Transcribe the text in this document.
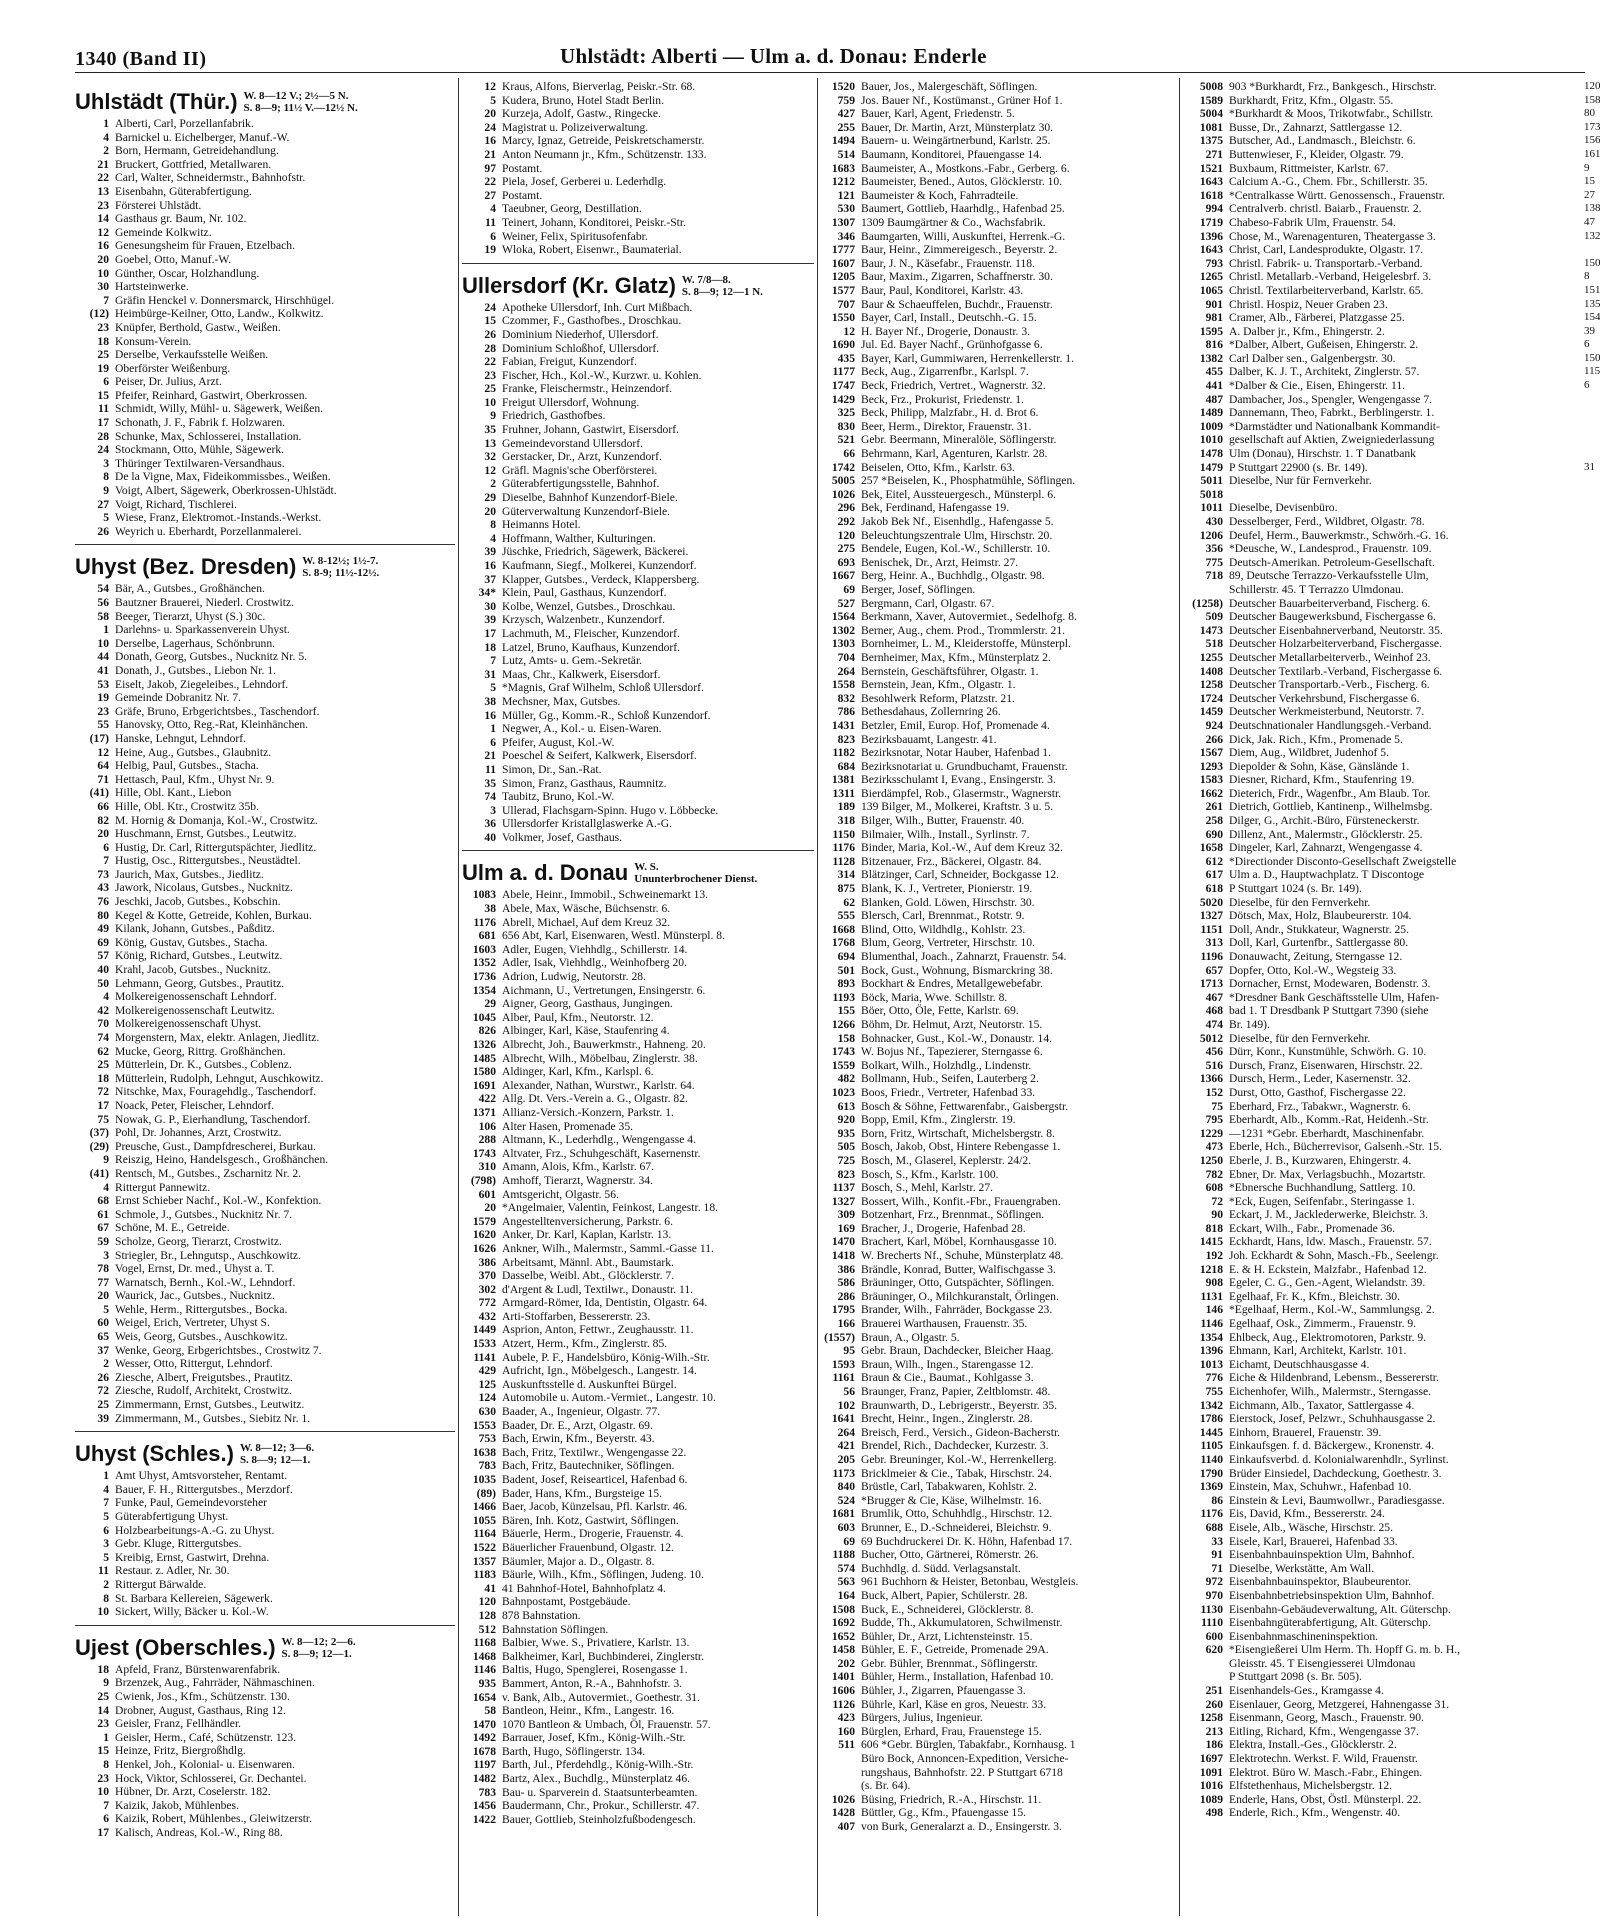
1340 (Band II)	Uhlstädt: Alberti — Ulm a. d. Donau: Enderle
Uhlstädt (Thür.) W. 8—12 V.; 2½—5 N.
S. 8—9; 11½ V.—12½ N.
1 Alberti, Carl, Porzellanfabrik.
4 Barnickel u. Eichelberger, Manuf.-W.
2 Born, Hermann, Getreidehandlung.
21 Bruckert, Gottfried, Metallwaren.
22 Carl, Walter, Schneidermstr., Bahnhofstr.
13 Eisenbahn, Güterabfertigung.
23 Försterei Uhlstädt.
14 Gasthaus gr. Baum, Nr. 102.
12 Gemeinde Kolkwitz.
16 Genesungsheim für Frauen, Etzelbach.
20 Goebel, Otto, Manuf.-W.
10 Günther, Oscar, Holzhandlung.
30 Hartsteinwerke.
7 Gräfin Henckel v. Donnersmarck, Hirschhügel.
(12) Heimbürge-Keilner, Otto, Landw., Kolkwitz.
23 Knüpfer, Berthold, Gastw., Weißen.
18 Konsum-Verein.
25 Derselbe, Verkaufsstelle Weißen.
19 Oberförster Weißenburg.
6 Peiser, Dr. Julius, Arzt.
15 Pfeifer, Reinhard, Gastwirt, Oberkrossen.
11 Schmidt, Willy, Mühl- u. Sägewerk, Weißen.
17 Schonath, J. F., Fabrik f. Holzwaren.
28 Schunke, Max, Schlosserei, Installation.
24 Stockmann, Otto, Mühle, Sägewerk.
3 Thüringer Textilwaren-Versandhaus.
8 De la Vigne, Max, Fideikommissbes., Weißen.
9 Voigt, Albert, Sägewerk, Oberkrossen-Uhlstädt.
27 Voigt, Richard, Tischlerei.
5 Wiese, Franz, Elektromot.-Instands.-Werkst.
26 Weyrich u. Eberhardt, Porzellanmalerei.
Uhyst (Bez. Dresden) W. 8-12½; 1½-7.
S. 8-9; 11½-12½.
54 Bär, A., Gutsbes., Großhänchen.
56 Bautzner Brauerei, Niederl. Crostwitz.
58 Beeger, Tierarzt, Uhyst (S.) 30c.
1 Darlehns- u. Sparkassenverein Uhyst.
10 Derselbe, Lagerhaus, Schönbrunn.
44 Donath, Georg, Gutsbes., Nucknitz Nr. 5.
41 Donath, J., Gutsbes., Liebon Nr. 1.
53 Eiselt, Jakob, Ziegeleibes., Lehndorf.
19 Gemeinde Dobranitz Nr. 7.
23 Gräfe, Bruno, Erbgerichtsbes., Taschendorf.
55 Hanovsky, Otto, Reg.-Rat, Kleinhänchen.
(17) Hanske, Lehngut, Lehndorf.
12 Heine, Aug., Gutsbes., Glaubnitz.
64 Helbig, Paul, Gutsbes., Stacha.
71 Hettasch, Paul, Kfm., Uhyst Nr. 9.
(41) Hille, Obl. Kant., Liebon
66 Hille, Obl. Ktr., Crostwitz 35b.
82 M. Hornig & Domanja, Kol.-W., Crostwitz.
20 Huschmann, Ernst, Gutsbes., Leutwitz.
6 Hustig, Dr. Carl, Rittergutspächter, Jiedlitz.
7 Hustig, Osc., Rittergutsbes., Neustädtel.
73 Jaurich, Max, Gutsbes., Jiedlitz.
43 Jawork, Nicolaus, Gutsbes., Nucknitz.
76 Jeschki, Jacob, Gutsbes., Kobschin.
80 Kegel & Kotte, Getreide, Kohlen, Burkau.
49 Kilank, Johann, Gutsbes., Paßditz.
69 König, Gustav, Gutsbes., Stacha.
57 König, Richard, Gutsbes., Leutwitz.
40 Krahl, Jacob, Gutsbes., Nucknitz.
50 Lehmann, Georg, Gutsbes., Prautitz.
4 Molkereigenossenschaft Lehndorf.
42 Molkereigenossenschaft Leutwitz.
70 Molkereigenossenschaft Uhyst.
74 Morgenstern, Max, elektr. Anlagen, Jiedlitz.
62 Mucke, Georg, Rittrg. Großhänchen.
25 Mütterlein, Dr. K., Gutsbes., Coblenz.
18 Mütterlein, Rudolph, Lehngut, Auschkowitz.
72 Nitschke, Max, Fouragehdlg., Taschendorf.
17 Noack, Peter, Fleischer, Lehndorf.
75 Nowak, G. P., Eierhandlung, Taschendorf.
(37) Pohl, Dr. Johannes, Arzt, Crostwitz.
(29) Preusche, Gust., Dampfdrescherei, Burkau.
9 Reiszig, Heino, Handelsgesch., Großhänchen.
(41) Rentsch, M., Gutsbes., Zscharnitz Nr. 2.
4 Rittergut Pannewitz.
68 Ernst Schieber Nachf., Kol.-W., Konfektion.
61 Schmole, J., Gutsbes., Nucknitz Nr. 7.
67 Schöne, M. E., Getreide.
59 Scholze, Georg, Tierarzt, Crostwitz.
3 Striegler, Br., Lehngutsp., Auschkowitz.
78 Vogel, Ernst, Dr. med., Uhyst a. T.
77 Warnatsch, Bernh., Kol.-W., Lehndorf.
20 Waurick, Jac., Gutsbes., Nucknitz.
5 Wehle, Herm., Rittergutsbes., Bocka.
60 Weigel, Erich, Vertreter, Uhyst S.
65 Weis, Georg, Gutsbes., Auschkowitz.
37 Wenke, Georg, Erbgerichtsbes., Crostwitz 7.
2 Wesser, Otto, Rittergut, Lehndorf.
26 Ziesche, Albert, Freigutsbes., Prautitz.
72 Ziesche, Rudolf, Architekt, Crostwitz.
25 Zimmermann, Ernst, Gutsbes., Leutwitz.
39 Zimmermann, M., Gutsbes., Siebitz Nr. 1.
Uhyst (Schles.) W. 8—12; 3—6.
S. 8—9; 12—1.
1 Amt Uhyst, Amtsvorsteher, Rentamt.
4 Bauer, F. H., Rittergutsbes., Merzdorf.
7 Funke, Paul, Gemeindevorsteher
5 Güterabfertigung Uhyst.
6 Holzbearbeitungs-A.-G. zu Uhyst.
3 Gebr. Kluge, Rittergutsbes.
5 Kreibig, Ernst, Gastwirt, Drehna.
11 Restaur. z. Adler, Nr. 30.
2 Rittergut Bärwalde.
8 St. Barbara Kellereien, Sägewerk.
10 Sickert, Willy, Bäcker u. Kol.-W.
Ujest (Oberschles.) W. 8—12; 2—6.
S. 8—9; 12—1.
18 Apfeld, Franz, Bürstenwarenfabrik.
9 Brzenzek, Aug., Fahrräder, Nähmaschinen.
25 Cwienk, Jos., Kfm., Schützenstr. 130.
14 Drobner, August, Gasthaus, Ring 12.
23 Geisler, Franz, Fellhändler.
1 Geisler, Herm., Café, Schützenstr. 123.
15 Heinze, Fritz, Biergroßhdlg.
8 Henkel, Joh., Kolonial- u. Eisenwaren.
23 Hock, Viktor, Schlosserei, Gr. Dechantei.
10 Hübner, Dr. Arzt, Coselerstr. 182.
7 Kaizik, Jakob, Mühlenbes.
6 Kaizik, Robert, Mühlenbes., Gleiwitzerstr.
17 Kalisch, Andreas, Kol.-W., Ring 88.
12 Kraus, Alfons, Bierverlag, Peiskr.-Str. 68.
5 Kudera, Bruno, Hotel Stadt Berlin.
20 Kurzeja, Adolf, Gastw., Ringecke.
24 Magistrat u. Polizeiverwaltung.
16 Marcy, Ignaz, Getreide, Peiskretschamerstr.
21 Anton Neumann jr., Kfm., Schützenstr. 133.
97 Postamt.
22 Piela, Josef, Gerberei u. Lederhdlg.
27 Postamt.
4 Taeubner, Georg, Destillation.
11 Teinert, Johann, Konditorei, Peiskr.-Str.
6 Weiner, Felix, Spiritusofenfabr.
19 Wloka, Robert, Eisenwr., Baumaterial.
Ullersdorf (Kr. Glatz) W. 7/8—8.
S. 8—9; 12—1 N.
24 Apotheke Ullersdorf, Inh. Curt Mißbach.
15 Czommer, F., Gasthofbes., Droschkau.
26 Dominium Niederhof, Ullersdorf.
28 Dominium Schloßhof, Ullersdorf.
22 Fabian, Freigut, Kunzendorf.
23 Fischer, Hch., Kol.-W., Kurzwr. u. Kohlen.
25 Franke, Fleischermstr., Heinzendorf.
10 Freigut Ullersdorf, Wohnung.
9 Friedrich, Gasthofbes.
35 Fruhner, Johann, Gastwirt, Eisersdorf.
13 Gemeindevorstand Ullersdorf.
32 Gerstacker, Dr., Arzt, Kunzendorf.
12 Gräfl. Magnis'sche Oberförsterei.
2 Güterabfertigungsstelle, Bahnhof.
29 Dieselbe, Bahnhof Kunzendorf-Biele.
20 Güterverwaltung Kunzendorf-Biele.
8 Heimanns Hotel.
4 Hoffmann, Walther, Kulturingen.
39 Jüschke, Friedrich, Sägewerk, Bäckerei.
16 Kaufmann, Siegf., Molkerei, Kunzendorf.
37 Klapper, Gutsbes., Verdeck, Klappersberg.
34* Klein, Paul, Gasthaus, Kunzendorf.
30 Kolbe, Wenzel, Gutsbes., Droschkau.
39 Krzysch, Walzenbetr., Kunzendorf.
17 Lachmuth, M., Fleischer, Kunzendorf.
18 Latzel, Bruno, Kaufhaus, Kunzendorf.
7 Lutz, Amts- u. Gem.-Sekretär.
31 Maas, Chr., Kalkwerk, Eisersdorf.
5 *Magnis, Graf Wilhelm, Schloß Ullersdorf.
38 Mechsner, Max, Gutsbes.
16 Müller, Gg., Komm.-R., Schloß Kunzendorf.
1 Negwer, A., Kol.- u. Eisen-Waren.
6 Pfeifer, August, Kol.-W.
21 Poeschel & Seifert, Kalkwerk, Eisersdorf.
11 Simon, Dr., San.-Rat.
35 Simon, Franz, Gasthaus, Raumnitz.
74 Taubitz, Bruno, Kol.-W.
3 Ullerad, Flachsgarn-Spinn. Hugo v. Löbbecke.
36 Ullersdorfer Kristallglaswerke A.-G.
40 Volkmer, Josef, Gasthaus.
Ulm a. d. Donau W. S.
Ununterbrochener Dienst.
1083 Abele, Heinr., Immobil., Schweinemarkt 13.
38 Abele, Max, Wäsche, Büchsenstr. 6.
1176 Abrell, Michael, Auf dem Kreuz 32.
681 656 Abt, Karl, Eisenwaren, Westl. Münsterpl. 8.
1603 Adler, Eugen, Viehhdlg., Schillerstr. 14.
1352 Adler, Isak, Viehhdlg., Weinhofberg 20.
1736 Adrion, Ludwig, Neutorstr. 28.
1354 Aichmann, U., Vertretungen, Ensingerstr. 6.
29 Aigner, Georg, Gasthaus, Jungingen.
1045 Alber, Paul, Kfm., Neutorstr. 12.
826 Albinger, Karl, Käse, Staufenring 4.
1326 Albrecht, Joh., Bauwerkmstr., Hahneng. 20.
1485 Albrecht, Wilh., Möbelbau, Zinglerstr. 38.
1580 Aldinger, Karl, Kfm., Karlspl. 6.
1691 Alexander, Nathan, Wurstwr., Karlstr. 64.
422 Allg. Dt. Vers.-Verein a. G., Olgastr. 82.
1371 Allianz-Versich.-Konzern, Parkstr. 1.
106 Alter Hasen, Promenade 35.
288 Altmann, K., Lederhdlg., Wengengasse 4.
1743 Altvater, Frz., Schuhgeschäft, Kasernenstr.
310 Amann, Alois, Kfm., Karlstr. 67.
(798) Amhoff, Tierarzt, Wagnerstr. 34.
601 Amtsgericht, Olgastr. 56.
20 *Angelmaier, Valentin, Feinkost, Langestr. 18.
1579 Angestelltenversicherung, Parkstr. 6.
1620 Anker, Dr. Karl, Kaplan, Karlstr. 13.
1626 Ankner, Wilh., Malermstr., Samml.-Gasse 11.
386 Arbeitsamt, Männl. Abt., Baumstark.
370 Dasselbe, Weibl. Abt., Glöcklerstr. 7.
302 d'Argent & Ludl, Textilwr., Donaustr. 11.
772 Armgard-Römer, Ida, Dentistin, Olgastr. 64.
432 Arti-Stoffarben, Bessererstr. 23.
1449 Asprion, Anton, Fettwr., Zeughausstr. 11.
1533 Atzert, Herm., Kfm., Zinglerstr. 85.
1141 Aubele, P. F., Handelsbüro, König-Wilh.-Str.
429 Aufricht, Ign., Möbelgesch., Langestr. 14.
125 Auskunftsstelle d. Auskunftei Bürgel.
124 Automobile u. Autom.-Vermiet., Langestr. 10.
630 Baader, A., Ingenieur, Olgastr. 77.
1553 Baader, Dr. E., Arzt, Olgastr. 69.
753 Bach, Erwin, Kfm., Beyerstr. 43.
1638 Bach, Fritz, Textilwr., Wengengasse 22.
783 Bach, Fritz, Bautechniker, Söflingen.
1035 Badent, Josef, Reisearticel, Hafenbad 6.
(89) Bader, Hans, Kfm., Burgsteige 15.
1466 Baer, Jacob, Künzelsau, Pfl. Karlstr. 46.
1055 Bären, Inh. Kotz, Gastwirt, Söflingen.
1164 Bäuerle, Herm., Drogerie, Frauenstr. 4.
1522 Bäuerlicher Frauenbund, Olgastr. 12.
1357 Bäumler, Major a. D., Olgastr. 8.
1183 Bäurle, Wilh., Kfm., Söflingen, Judeng. 10.
41 41 Bahnhof-Hotel, Bahnhofplatz 4.
120 Bahnpostamt, Postgebäude.
128 878 Bahnstation.
512 Bahnstation Söflingen.
1168 Balbier, Wwe. S., Privatiere, Karlstr. 13.
1468 Balkheimer, Karl, Buchbinderei, Zinglerstr.
1146 Baltis, Hugo, Spenglerei, Rosengasse 1.
935 Bammert, Anton, R.-A., Bahnhofstr. 3.
1654 v. Bank, Alb., Autovermiet., Goethestr. 31.
58 Bantleon, Heinr., Kfm., Langestr. 16.
1470 1070 Bantleon & Umbach, Öl, Frauenstr. 57.
1492 Barrauer, Josef, Kfm., König-Wilh.-Str.
1678 Barth, Hugo, Söflingerstr. 134.
1197 Barth, Jul., Pferdehdlg., König-Wilh.-Str.
1482 Bartz, Alex., Buchdlg., Münsterplatz 46.
783 Bau- u. Sparverein d. Staatsunterbeamten.
1456 Baudermann, Chr., Prokur., Schillerstr. 47.
1422 Bauer, Gottlieb, Steinholzfußbodengesch.
1520 Bauer, Jos., Malergeschäft, Söflingen.
759 Jos. Bauer Nf., Kostümanst., Grüner Hof 1.
427 Bauer, Karl, Agent, Friedenstr. 5.
255 Bauer, Dr. Martin, Arzt, Münsterplatz 30.
1494 Bauern- u. Weingärtnerbund, Karlstr. 25.
514 Baumann, Konditorei, Pfauengasse 14.
1683 Baumeister, A., Mostkons.-Fabr., Gerberg. 6.
1212 Baumeister, Bened., Autos, Glöcklerstr. 10.
121 Baumeister & Koch, Fahrradteile.
530 Baumert, Gottlieb, Haarhdlg., Hafenbad 25.
1307 1309 Baumgärtner & Co., Wachsfabrik.
346 Baumgarten, Willi, Auskunftei, Herrenk.-G.
1777 Baur, Heinr., Zimmereigesch., Beyerstr. 2.
1607 Baur, J. N., Käsefabr., Frauenstr. 118.
1205 Baur, Maxim., Zigarren, Schaffnerstr. 30.
1577 Baur, Paul, Konditorei, Karlstr. 43.
707 Baur & Schaeuffelen, Buchdr., Frauenstr.
1550 Bayer, Carl, Install., Deutschh.-G. 15.
12 H. Bayer Nf., Drogerie, Donaustr. 3.
1690 Jul. Ed. Bayer Nachf., Grünhofgasse 6.
435 Bayer, Karl, Gummiwaren, Herrenkellerstr. 1.
1177 Beck, Aug., Zigarrenfbr., Karlspl. 7.
1747 Beck, Friedrich, Vertret., Wagnerstr. 32.
1429 Beck, Frz., Prokurist, Friedenstr. 1.
325 Beck, Philipp, Malzfabr., H. d. Brot 6.
830 Beer, Herm., Direktor, Frauenstr. 31.
521 Gebr. Beermann, Mineralöle, Söflingerstr.
66 Behrmann, Karl, Agenturen, Karlstr. 28.
1742 Beiselen, Otto, Kfm., Karlstr. 63.
5005 257 *Beiselen, K., Phosphatmühle, Söflingen.
1026 Bek, Eitel, Aussteuergesch., Münsterpl. 6.
296 Bek, Ferdinand, Hafengasse 19.
292 Jakob Bek Nf., Eisenhdlg., Hafengasse 5.
120 Beleuchtungszentrale Ulm, Hirschstr. 20.
275 Bendele, Eugen, Kol.-W., Schillerstr. 10.
693 Benischek, Dr., Arzt, Heimstr. 27.
1667 Berg, Heinr. A., Buchhdlg., Olgastr. 98.
69 Berger, Josef, Söflingen.
527 Bergmann, Carl, Olgastr. 67.
1564 Berkmann, Xaver, Autovermiet., Sedelhofg. 8.
1302 Berner, Aug., chem. Prod., Trommlerstr. 21.
1303 Bornheimer, L. M., Kleiderstoffe, Münsterpl.
704 Bernheimer, Max, Kfm., Münsterplatz 2.
264 Bernstein, Geschäftsführer, Olgastr. 1.
1558 Bernstein, Jean, Kfm., Olgastr. 1.
832 Besohlwerk Reform, Platzstr. 21.
786 Bethesdahaus, Zollernring 26.
1431 Betzler, Emil, Europ. Hof, Promenade 4.
823 Bezirksbauamt, Langestr. 41.
1182 Bezirksnotar, Notar Hauber, Hafenbad 1.
684 Bezirksnotariat u. Grundbuchamt, Frauenstr.
1381 Bezirksschulamt I, Evang., Ensingerstr. 3.
1311 Bierdämpfel, Rob., Glasermstr., Wagnerstr.
189 139 Bilger, M., Molkerei, Kraftstr. 3 u. 5.
318 Bilger, Wilh., Butter, Frauenstr. 40.
1150 Bilmaier, Wilh., Install., Syrlinstr. 7.
1176 Binder, Maria, Kol.-W., Auf dem Kreuz 32.
1128 Bitzenauer, Frz., Bäckerei, Olgastr. 84.
314 Blätzinger, Carl, Schneider, Bockgasse 12.
875 Blank, K. J., Vertreter, Pionierstr. 19.
62 Blanken, Gold. Löwen, Hirschstr. 30.
555 Blersch, Carl, Brennmat., Rotstr. 9.
1668 Blind, Otto, Wildhdlg., Kohlstr. 23.
1768 Blum, Georg, Vertreter, Hirschstr. 10.
694 Blumenthal, Joach., Zahnarzt, Frauenstr. 54.
501 Bock, Gust., Wohnung, Bismarckring 38.
893 Bockhart & Endres, Metallgewebefabr.
1193 Böck, Maria, Wwe. Schillstr. 8.
155 Böer, Otto, Öle, Fette, Karlstr. 69.
1266 Böhm, Dr. Helmut, Arzt, Neutorstr. 15.
158 Bohnacker, Gust., Kol.-W., Donaustr. 14.
1743 W. Bojus Nf., Tapezierer, Sterngasse 6.
1559 Bolkart, Wilh., Holzhdlg., Lindenstr.
482 Bollmann, Hub., Seifen, Lauterberg 2.
1023 Boos, Friedr., Vertreter, Hafenbad 33.
613 Bosch & Söhne, Fettwarenfabr., Gaisbergstr.
920 Bopp, Emil, Kfm., Zinglerstr. 19.
935 Born, Fritz, Wirtschaft, Michelsbergstr. 8.
505 Bosch, Jakob, Obst, Hintere Rebengasse 1.
725 Bosch, M., Glaserel, Keplerstr. 24/2.
823 Bosch, S., Kfm., Karlstr. 100.
1137 Bosch, S., Mehl, Karlstr. 27.
1327 Bossert, Wilh., Konfit.-Fbr., Frauengraben.
309 Botzenhart, Frz., Brennmat., Söflingen.
169 Bracher, J., Drogerie, Hafenbad 28.
1470 Brachert, Karl, Möbel, Kornhausgasse 10.
1418 W. Brecherts Nf., Schuhe, Münsterplatz 48.
386 Brändle, Konrad, Butter, Walfischgasse 3.
586 Bräuninger, Otto, Gutspächter, Söflingen.
286 Bräuninger, O., Milchkuranstalt, Örlingen.
1795 Brander, Wilh., Fahrräder, Bockgasse 23.
166 Brauerei Warthausen, Frauenstr. 35.
(1557) Braun, A., Olgastr. 5.
95 Gebr. Braun, Dachdecker, Bleicher Haag.
1593 Braun, Wilh., Ingen., Starengasse 12.
1161 Braun & Cie., Baumat., Kohlgasse 3.
56 Braunger, Franz, Papier, Zeltblomstr. 48.
102 Braunwarth, D., Lebrigerstr., Beyerstr. 35.
1641 Brecht, Heinr., Ingen., Zinglerstr. 28.
264 Breisch, Ferd., Versich., Gideon-Bacherstr.
421 Brendel, Rich., Dachdecker, Kurzestr. 3.
205 Gebr. Breuninger, Kol.-W., Herrenkellerg.
1173 Bricklmeier & Cie., Tabak, Hirschstr. 24.
840 Brüstle, Carl, Tabakwaren, Kohlstr. 2.
524 *Brugger & Cie, Käse, Wilhelmstr. 16.
1681 Brumlik, Otto, Schuhhdlg., Hirschstr. 12.
603 Brunner, E., D.-Schneiderei, Bleichstr. 9.
69 69 Buchdruckerei Dr. K. Höhn, Hafenbad 17.
1188 Bucher, Otto, Gärtnerei, Römerstr. 26.
574 Buchhdlg. d. Südd. Verlagsanstalt.
563 961 Buchhorn & Heister, Betonbau, Westgleis.
164 Buck, Albert, Papier, Schülerstr. 28.
1508 Buck, E., Schneiderei, Glöcklerstr. 8.
1692 Budde, Th., Akkumulatoren, Schwilmenstr.
1652 Bühler, Dr., Arzt, Lichtensteinstr. 15.
1458 Bühler, E. F., Getreide, Promenade 29A.
202 Gebr. Bühler, Brennmat., Söflingerstr.
1401 Bühler, Herm., Installation, Hafenbad 10.
1606 Bühler, J., Zigarren, Pfauengasse 3.
1126 Bührle, Karl, Käse en gros, Neuestr. 33.
423 Bürgers, Julius, Ingenieur.
160 Bürglen, Erhard, Frau, Frauenstege 15.
511 606 *Gebr. Bürglen, Tabakfabr., Kornhausg. 1
Büro Bock, Annoncen-Expedition, Versiche-
rungshaus, Bahnhofstr. 22. P Stuttgart 6718
(s. Br. 64).
1026 Büsing, Friedrich, R.-A., Hirschstr. 11.
1428 Büttler, Gg., Kfm., Pfauengasse 15.
407 von Burk, Generalarzt a. D., Ensingerstr. 3.
5008 903 *Burkhardt, Frz., Bankgesch., Hirschstr.
1589 Burkhardt, Fritz, Kfm., Olgastr. 55.
5004 *Burkhardt & Moos, Trikotwfabr., Schillstr.
1081 Busse, Dr., Zahnarzt, Sattlergasse 12.
1375 Butscher, Ad., Landmasch., Bleichstr. 6.
271 Buttenwieser, F., Kleider, Olgastr. 79.
1521 Buxbaum, Rittmeister, Karlstr. 67.
1643 Calcium A.-G., Chem. Fbr., Schillerstr. 35.
1618 *Centralkasse Württ. Genossensch., Frauenstr.
994 Centralverb. christl. Baiarb., Frauenstr. 2.
1719 Chabeso-Fabrik Ulm, Frauenstr. 54.
1396 Chose, M., Warenagenturen, Theatergasse 3.
1643 Christ, Carl, Landesprodukte, Olgastr. 17.
793 Christl. Fabrik- u. Transportarb.-Verband.
1265 Christl. Metallarb.-Verband, Heigelesbrf. 3.
1065 Christl. Textilarbeiterverband, Karlstr. 65.
901 Christl. Hospiz, Neuer Graben 23.
981 Cramer, Alb., Färberei, Platzgasse 25.
1595 A. Dalber jr., Kfm., Ehingerstr. 2.
816 *Dalber, Albert, Gußeisen, Ehingerstr. 2.
1382 Carl Dalber sen., Galgenbergstr. 30.
455 Dalber, K. J. T., Architekt, Zinglerstr. 57.
441 *Dalber & Cie., Eisen, Ehingerstr. 11.
487 Dambacher, Jos., Spengler, Wengengasse 7.
1489 Dannemann, Theo, Fabrkt., Berblingerstr. 1.
1009 *Darmstädter und Nationalbank Kommandit-
1010 gesellschaft auf Aktien, Zweigniederlassung
1478 Ulm (Donau), Hirschstr. 1. T Danatbank
1479 P Stuttgart 22900 (s. Br. 149).
5011 Dieselbe, Nur für Fernverkehr.
5018
1011 Dieselbe, Devisenbüro.
430 Desselberger, Ferd., Wildbret, Olgastr. 78.
1206 Deufel, Herm., Bauwerkmstr., Schwörh.-G. 16.
356 *Deusche, W., Landesprod., Frauenstr. 109.
775 Deutsch-Amerikan. Petroleum-Gesellschaft.
718 89, Deutsche Terrazzo-Verkaufsstelle Ulm,
Schillerstr. 45. T Terrazzo Ulmdonau.
(1258) Deutscher Bauarbeiterverband, Fischerg. 6.
509 Deutscher Baugewerksbund, Fischergasse 6.
1473 Deutscher Eisenbahnerverband, Neutorstr. 35.
518 Deutscher Holzarbeiterverband, Fischergasse.
1255 Deutscher Metallarbeiterverb., Weinhof 23.
1408 Deutscher Textilarb.-Verband, Fischergasse 6.
1258 Deutscher Transportarb.-Verb., Fischerg. 6.
1724 Deutscher Verkehrsbund, Fischergasse 6.
1459 Deutscher Werkmeisterbund, Neutorstr. 7.
924 Deutschnationaler Handlungsgeh.-Verband.
266 Dick, Jak. Rich., Kfm., Promenade 5.
1567 Diem, Aug., Wildbret, Judenhof 5.
1293 Diepolder & Sohn, Käse, Gänslände 1.
1583 Diesner, Richard, Kfm., Staufenring 19.
1662 Dieterich, Frdr., Wagenfbr., Am Blaub. Tor.
261 Dietrich, Gottlieb, Kantinenp., Wilhelmsbg.
258 Dilger, G., Archit.-Büro, Fürsteneckerstr.
690 Dillenz, Ant., Malermstr., Glöcklerstr. 25.
1658 Dingeler, Karl, Zahnarzt, Wengengasse 4.
612 *Directionder Disconto-Gesellschaft Zweigstelle
617 Ulm a. D., Hauptwachplatz. T Discontoge
618 P Stuttgart 1024 (s. Br. 149).
5020 Dieselbe, für den Fernverkehr.
1327 Dötsch, Max, Holz, Blaubeurerstr. 104.
1151 Doll, Andr., Stukkateur, Wagnerstr. 25.
313 Doll, Karl, Gurtenfbr., Sattlergasse 80.
1196 Donauwacht, Zeitung, Sterngasse 12.
657 Dopfer, Otto, Kol.-W., Wegsteig 33.
1713 Dornacher, Ernst, Modewaren, Bodenstr. 3.
467 *Dresdner Bank Geschäftsstelle Ulm, Hafen-
468 bad 1. T Dresdbank P Stuttgart 7390 (siehe
474 Br. 149).
5012 Dieselbe, für den Fernverkehr.
456 Dürr, Konr., Kunstmühle, Schwörh. G. 10.
516 Dursch, Franz, Eisenwaren, Hirschstr. 22.
1366 Dursch, Herm., Leder, Kasernenstr. 32.
152 Durst, Otto, Gasthof, Fischergasse 22.
75 Eberhard, Frz., Tabakwr., Wagnerstr. 6.
795 Eberhardt, Alb., Komm.-Rat, Heidenh.-Str.
1229 —1231 *Gebr. Eberhardt, Maschinenfabr.
473 Eberle, Hch., Bücherrevisor, Galsenh.-Str. 15.
1250 Eberle, J. B., Kurzwaren, Ehingerstr. 4.
782 Ebner, Dr. Max, Verlagsbuchh., Mozartstr.
608 *Ebnersche Buchhandlung, Sattlerg. 10.
72 *Eck, Eugen, Seifenfabr., Steringasse 1.
90 Eckart, J. M., Jacklederwerke, Bleichstr. 3.
818 Eckart, Wilh., Fabr., Promenade 36.
1415 Eckhardt, Hans, ldw. Masch., Frauenstr. 57.
192 Joh. Eckhardt & Sohn, Masch.-Fb., Seelengr.
1218 E. & H. Eckstein, Malzfabr., Hafenbad 12.
908 Egeler, C. G., Gen.-Agent, Wielandstr. 39.
1131 Egelhaaf, Fr. K., Kfm., Bleichstr. 30.
146 *Egelhaaf, Herm., Kol.-W., Sammlungsg. 2.
1146 Egelhaaf, Osk., Zimmerm., Frauenstr. 9.
1354 Ehlbeck, Aug., Elektromotoren, Parkstr. 9.
1396 Ehmann, Karl, Architekt, Karlstr. 101.
1013 Eichamt, Deutschhausgasse 4.
776 Eiche & Hildenbrand, Lebensm., Bessererstr.
755 Eichenhofer, Wilh., Malermstr., Sterngasse.
1342 Eichmann, Alb., Taxator, Sattlergasse 4.
1786 Eierstock, Josef, Pelzwr., Schuhhausgasse 2.
1445 Einhorn, Brauerel, Frauenstr. 39.
1105 Einkaufsgen. f. d. Bäckergew., Kronenstr. 4.
1140 Einkaufsverbd. d. Kolonialwarenhdlr., Syrlinst.
1790 Brüder Einsiedel, Dachdeckung, Goethestr. 3.
1369 Einstein, Max, Schuhwr., Hafenbad 10.
86 Einstein & Levi, Baumwollwr., Paradiesgasse.
1176 Eis, David, Kfm., Bessererstr. 24.
688 Eisele, Alb., Wäsche, Hirschstr. 25.
33 Eisele, Karl, Brauerei, Hafenbad 33.
91 Eisenbahnbauinspektion Ulm, Bahnhof.
71 Dieselbe, Werkstätte, Am Wall.
972 Eisenbahnbauinspektor, Blaubeurentor.
970 Eisenbahnbetriebsinspektion Ulm, Bahnhof.
1130 Eisenbahn-Gebäudeverwaltung, Alt. Güterschp.
1110 Eisenbahngüterabfertigung, Alt. Güterschp.
600 Eisenbahnmaschineninspektion.
620 *Eisengießerei Ulm Herm. Th. Hopff G. m. b. H.,
Gleisstr. 45. T Eisengiesserei Ulmdonau
P Stuttgart 2098 (s. Br. 505).
251 Eisenhandels-Ges., Kramgasse 4.
260 Eisenlauer, Georg, Metzgerei, Hahnengasse 31.
1258 Eisenmann, Georg, Masch., Frauenstr. 90.
213 Eitling, Richard, Kfm., Wengengasse 37.
186 Elektra, Install.-Ges., Glöcklerstr. 2.
1697 Elektrotechn. Werkst. F. Wild, Frauenstr.
1091 Elektrot. Büro W. Masch.-Fabr., Ehingen.
1016 Elfstethenhaus, Michelsbergstr. 12.
1089 Enderle, Hans, Obst, Östl. Münsterpl. 22.
498 Enderle, Rich., Kfm., Wengenstr. 40.
120
158
80
173
156
161
9
15
27
138
47
132
150
8
151
135
154
39
6
150
115
6
31
